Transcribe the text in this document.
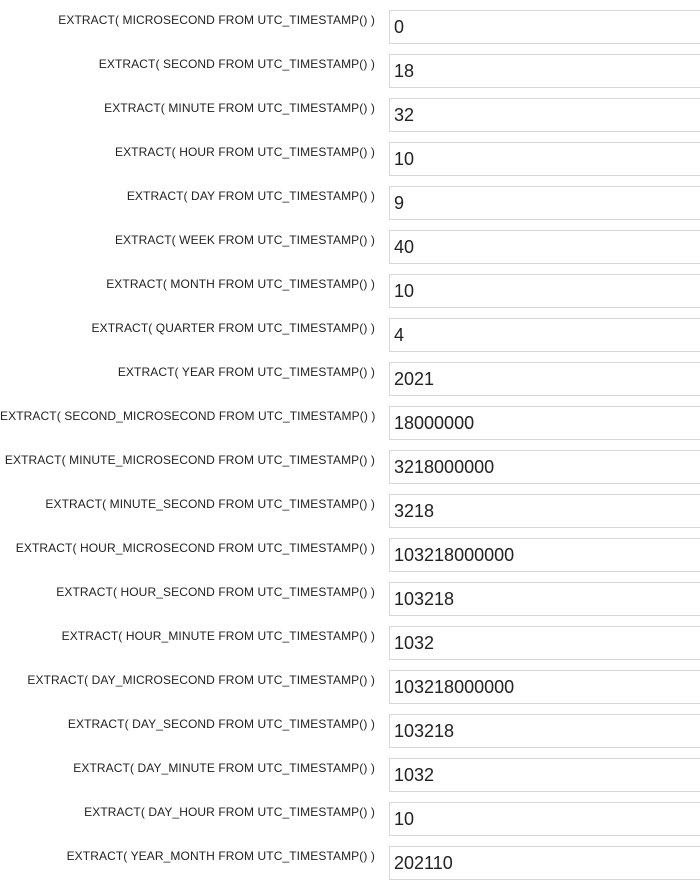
EXTRACT( MICROSECOND FROM UTC_TIMESTAMP() )
0
EXTRACT( SECOND FROM UTC_TIMESTAMP() )
18
EXTRACT( MINUTE FROM UTC_TIMESTAMP() )
32
EXTRACT( HOUR FROM UTC_TIMESTAMP() )
10
EXTRACT( DAY FROM UTC_TIMESTAMP() )
9
EXTRACT( WEEK FROM UTC_TIMESTAMP() )
40
EXTRACT( MONTH FROM UTC_TIMESTAMP() )
10
EXTRACT( QUARTER FROM UTC_TIMESTAMP() )
4
EXTRACT( YEAR FROM UTC_TIMESTAMP() )
2021
EXTRACT( SECOND_MICROSECOND FROM UTC_TIMESTAMP() )
18000000
EXTRACT( MINUTE_MICROSECOND FROM UTC_TIMESTAMP() )
3218000000
EXTRACT( MINUTE_SECOND FROM UTC_TIMESTAMP() )
3218
EXTRACT( HOUR_MICROSECOND FROM UTC_TIMESTAMP() )
103218000000
EXTRACT( HOUR_SECOND FROM UTC_TIMESTAMP() )
103218
EXTRACT( HOUR_MINUTE FROM UTC_TIMESTAMP() )
1032
EXTRACT( DAY_MICROSECOND FROM UTC_TIMESTAMP() )
103218000000
EXTRACT( DAY_SECOND FROM UTC_TIMESTAMP() )
103218
EXTRACT( DAY_MINUTE FROM UTC_TIMESTAMP() )
1032
EXTRACT( DAY_HOUR FROM UTC_TIMESTAMP() )
10
EXTRACT( YEAR_MONTH FROM UTC_TIMESTAMP() )
202110
